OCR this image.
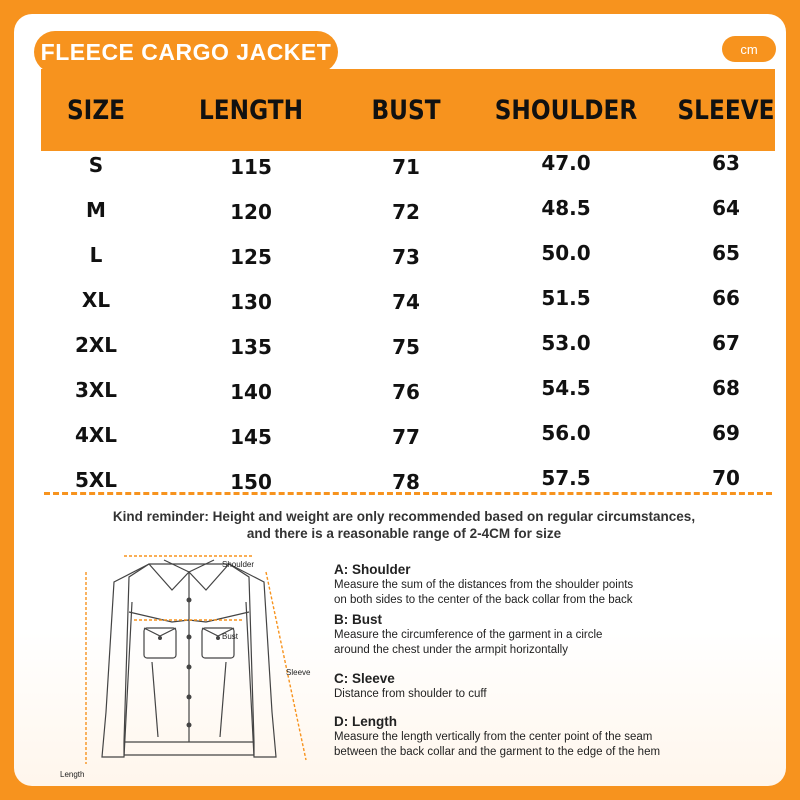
FLEECE CARGO JACKET	cm
SIZE	LENGTH	BUST	SHOULDER	SLEEVE
S	115	71	47.0	63
M	120	72	48.5	64
L	125	73	50.0	65
XL	130	74	51.5	66
2XL	135	75	53.0	67
3XL	140	76	54.5	68
4XL	145	77	56.0	69
5XL	150	78	57.5	70
Kind reminder: Height and weight are only recommended based on regular circumstances,
and there is a reasonable range of 2-4CM for size
Shoulder
Bust
Sleeve
Length
A: Shoulder
Measure the sum of the distances from the shoulder points
on both sides to the center of the back collar from the back
B: Bust
Measure the circumference of the garment in a circle
around the chest under the armpit horizontally
C: Sleeve
Distance from shoulder to cuff
D: Length
Measure the length vertically from the center point of the seam
between the back collar and the garment to the edge of the hem
